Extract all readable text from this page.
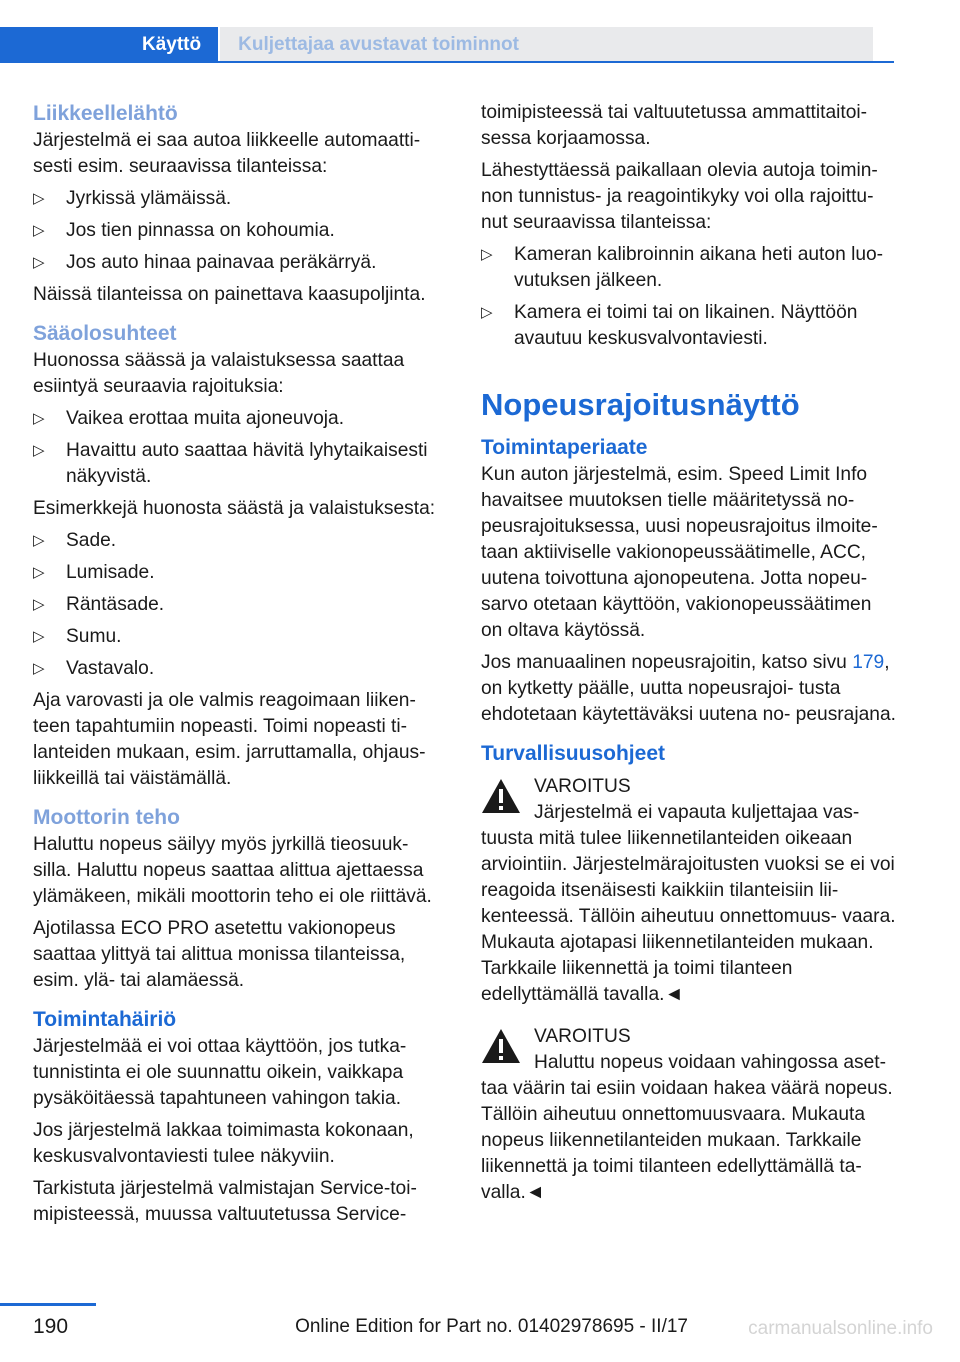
Käyttö	Kuljettajaa avustavat toiminnot
Liikkeellelähtö
Järjestelmä ei saa autoa liikkeelle automaatti- sesti esim. seuraavissa tilanteissa:
▷ Jyrkissä ylämäissä.
▷ Jos tien pinnassa on kohoumia.
▷ Jos auto hinaa painavaa peräkärryä.
Näissä tilanteissa on painettava kaasupoljinta.
Sääolosuhteet
Huonossa säässä ja valaistuksessa saattaa esiintyä seuraavia rajoituksia:
▷ Vaikea erottaa muita ajoneuvoja.
▷ Havaittu auto saattaa hävitä lyhytaikaisesti näkyvistä.
Esimerkkejä huonosta säästä ja valaistuksesta:
▷ Sade.
▷ Lumisade.
▷ Räntäsade.
▷ Sumu.
▷ Vastavalo.
Aja varovasti ja ole valmis reagoimaan liiken- teen tapahtumiin nopeasti. Toimi nopeasti ti- lanteiden mukaan, esim. jarruttamalla, ohjaus- liikkeillä tai väistämällä.
Moottorin teho
Haluttu nopeus säilyy myös jyrkillä tieosuuk- silla. Haluttu nopeus saattaa alittua ajettaessa ylämäkeen, mikäli moottorin teho ei ole riittävä.
Ajotilassa ECO PRO asetettu vakionopeus saattaa ylittyä tai alittua monissa tilanteissa, esim. ylä- tai alamäessä.
Toimintahäiriö
Järjestelmää ei voi ottaa käyttöön, jos tutka- tunnistinta ei ole suunnattu oikein, vaikkapa pysäköitäessä tapahtuneen vahingon takia.
Jos järjestelmä lakkaa toimimasta kokonaan, keskusvalvontaviesti tulee näkyviin.
Tarkistuta järjestelmä valmistajan Service-toi- mipisteessä, muussa valtuutetussa Service-
toimipisteessä tai valtuutetussa ammattitaitoi- sessa korjaamossa.
Lähestyttäessä paikallaan olevia autoja toimin- non tunnistus- ja reagointikyky voi olla rajoittu- nut seuraavissa tilanteissa:
▷ Kameran kalibroinnin aikana heti auton luo- vutuksen jälkeen.
▷ Kamera ei toimi tai on likainen. Näyttöön avautuu keskusvalvontaviesti.
Nopeusrajoitusnäyttö
Toimintaperiaate
Kun auton järjestelmä, esim. Speed Limit Info havaitsee muutoksen tielle määritetyssä no- peusrajoituksessa, uusi nopeusrajoitus ilmoite- taan aktiiviselle vakionopeussäätimelle, ACC, uutena toivottuna ajonopeutena. Jotta nopeu- sarvo otetaan käyttöön, vakionopeussäätimen on oltava käytössä.
Jos manuaalinen nopeusrajoitin, katso sivu 179, on kytketty päälle, uutta nopeusrajoi- tusta ehdotetaan käytettäväksi uutena no- peusrajana.
Turvallisuusohjeet
VAROITUS
Järjestelmä ei vapauta kuljettajaa vas-
tuusta mitä tulee liikennetilanteiden oikeaan arviointiin. Järjestelmärajoitusten vuoksi se ei voi reagoida itsenäisesti kaikkiin tilanteisiin lii- kenteessä. Tällöin aiheutuu onnettomuus- vaara. Mukauta ajotapasi liikennetilanteiden mukaan. Tarkkaile liikennettä ja toimi tilanteen edellyttämällä tavalla.◄
VAROITUS
Haluttu nopeus voidaan vahingossa aset-
taa väärin tai esiin voidaan hakea väärä nopeus. Tällöin aiheutuu onnettomuusvaara. Mukauta nopeus liikennetilanteiden mukaan. Tarkkaile liikennettä ja toimi tilanteen edellyttämällä ta- valla.◄
190	Online Edition for Part no. 01402978695 - II/17	carmanualsonline.info
